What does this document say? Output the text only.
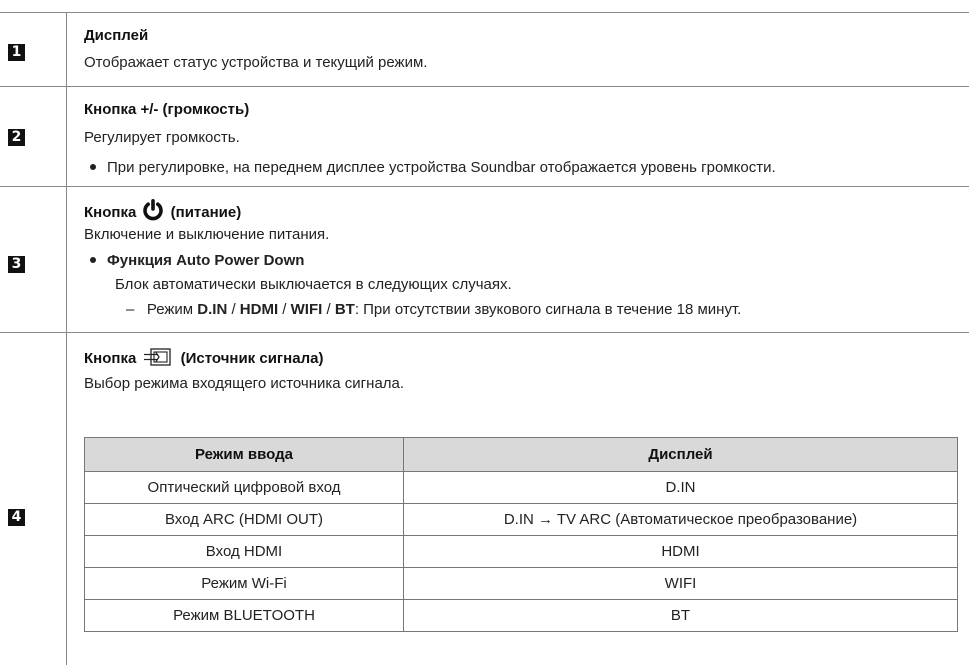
1
Дисплей
Отображает статус устройства и текущий режим.
2
Кнопка +/- (громкость)
Регулирует громкость.
При регулировке, на переднем дисплее устройства Soundbar отображается уровень громкости.
3
Кнопка (питание)
Включение и выключение питания.
Функция Auto Power Down
Блок автоматически выключается в следующих случаях.
–   Режим D.IN / HDMI / WIFI / BT: При отсутствии звукового сигнала в течение 18 минут.
4
Кнопка	(Источник сигнала)
Выбор режима входящего источника сигнала.
Режим ввода	Дисплей
Оптический цифровой вход	D.IN
Вход ARC (HDMI OUT)	D.IN → TV ARC (Автоматическое преобразование)
Вход HDMI	HDMI
Режим Wi-Fi	WIFI
Режим BLUETOOTH	BT
